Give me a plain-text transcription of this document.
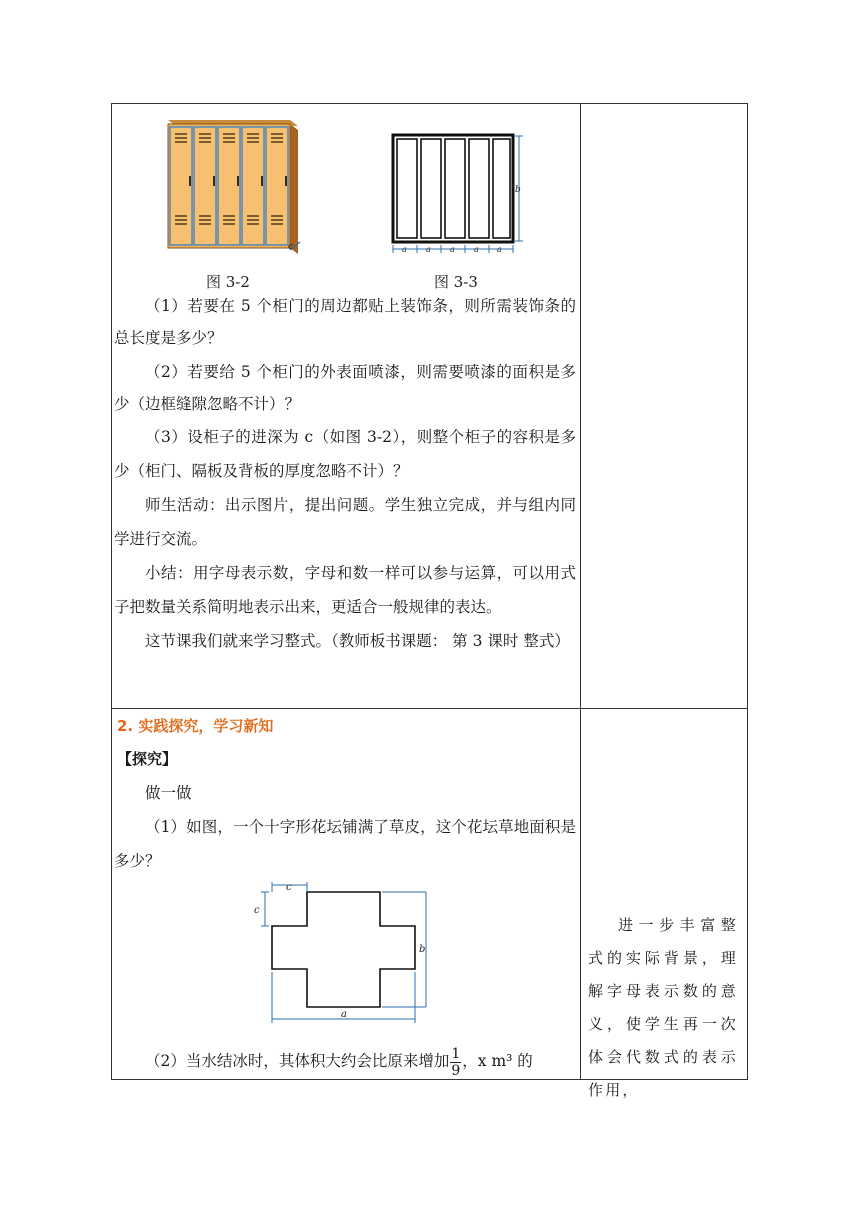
c
b
a a a a a
图 3-2	图 3-3

（1）若要在 5 个柜门的周边都贴上装饰条，则所需装饰条的总长度是多少？

（2）若要给 5 个柜门的外表面喷漆，则需要喷漆的面积是多少（边框缝隙忽略不计）？

（3）设柜子的进深为 c（如图 3-2），则整个柜子的容积是多少（柜门、隔板及背板的厚度忽略不计）？

师生活动：出示图片，提出问题。学生独立完成，并与组内同学进行交流。

小结：用字母表示数，字母和数一样可以参与运算，可以用式子把数量关系简明地表示出来，更适合一般规律的表达。

这节课我们就来学习整式。（教师板书课题： 第 3 课时 整式）

2. 实践探究，学习新知

【探究】

做一做

（1）如图，一个十字形花坛铺满了草皮，这个花坛草地面积是多少？

c
c
b
a
（2）当水结冰时，其体积大约会比原来增加 $\frac{1}{9}$ ，x m³ 的
进一步丰富整式的实际背景，理解字母表示数的意义，使学生再一次体会代数式的表示作用，
